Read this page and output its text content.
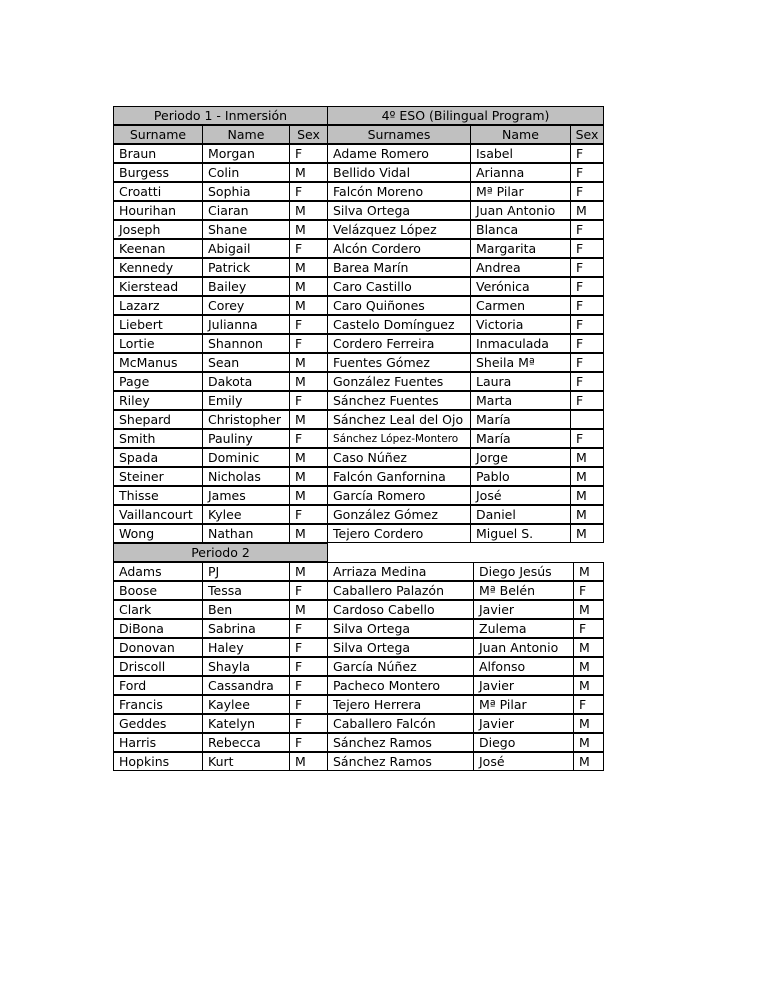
Periodo 1 - Inmersión	4º ESO (Bilingual Program)
Surname	Name	Sex	Surnames	Name	Sex
Braun	Morgan	F	Adame Romero	Isabel	F
Burgess	Colin	M	Bellido Vidal	Arianna	F
Croatti	Sophia	F	Falcón Moreno	Mª Pilar	F
Hourihan	Ciaran	M	Silva Ortega	Juan Antonio	M
Joseph	Shane	M	Velázquez López	Blanca	F
Keenan	Abigail	F	Alcón Cordero	Margarita	F
Kennedy	Patrick	M	Barea Marín	Andrea	F
Kierstead	Bailey	M	Caro Castillo	Verónica	F
Lazarz	Corey	M	Caro Quiñones	Carmen	F
Liebert	Julianna	F	Castelo Domínguez	Victoria	F
Lortie	Shannon	F	Cordero Ferreira	Inmaculada	F
McManus	Sean	M	Fuentes Gómez	Sheila Mª	F
Page	Dakota	M	González Fuentes	Laura	F
Riley	Emily	F	Sánchez Fuentes	Marta	F
Shepard	Christopher	M	Sánchez Leal del Ojo	María
Smith	Pauliny	F	Sánchez López-Montero	María	F
Spada	Dominic	M	Caso Núñez	Jorge	M
Steiner	Nicholas	M	Falcón Ganfornina	Pablo	M
Thisse	James	M	García Romero	José	M
Vaillancourt	Kylee	F	González Gómez	Daniel	M
Wong	Nathan	M	Tejero Cordero	Miguel S.	M
Periodo 2
Adams	PJ	M	Arriaza Medina	Diego Jesús	M
Boose	Tessa	F	Caballero Palazón	Mª Belén	F
Clark	Ben	M	Cardoso Cabello	Javier	M
DiBona	Sabrina	F	Silva Ortega	Zulema	F
Donovan	Haley	F	Silva Ortega	Juan Antonio	M
Driscoll	Shayla	F	García Núñez	Alfonso	M
Ford	Cassandra	F	Pacheco Montero	Javier	M
Francis	Kaylee	F	Tejero Herrera	Mª Pilar	F
Geddes	Katelyn	F	Caballero Falcón	Javier	M
Harris	Rebecca	F	Sánchez Ramos	Diego	M
Hopkins	Kurt	M	Sánchez Ramos	José	M
